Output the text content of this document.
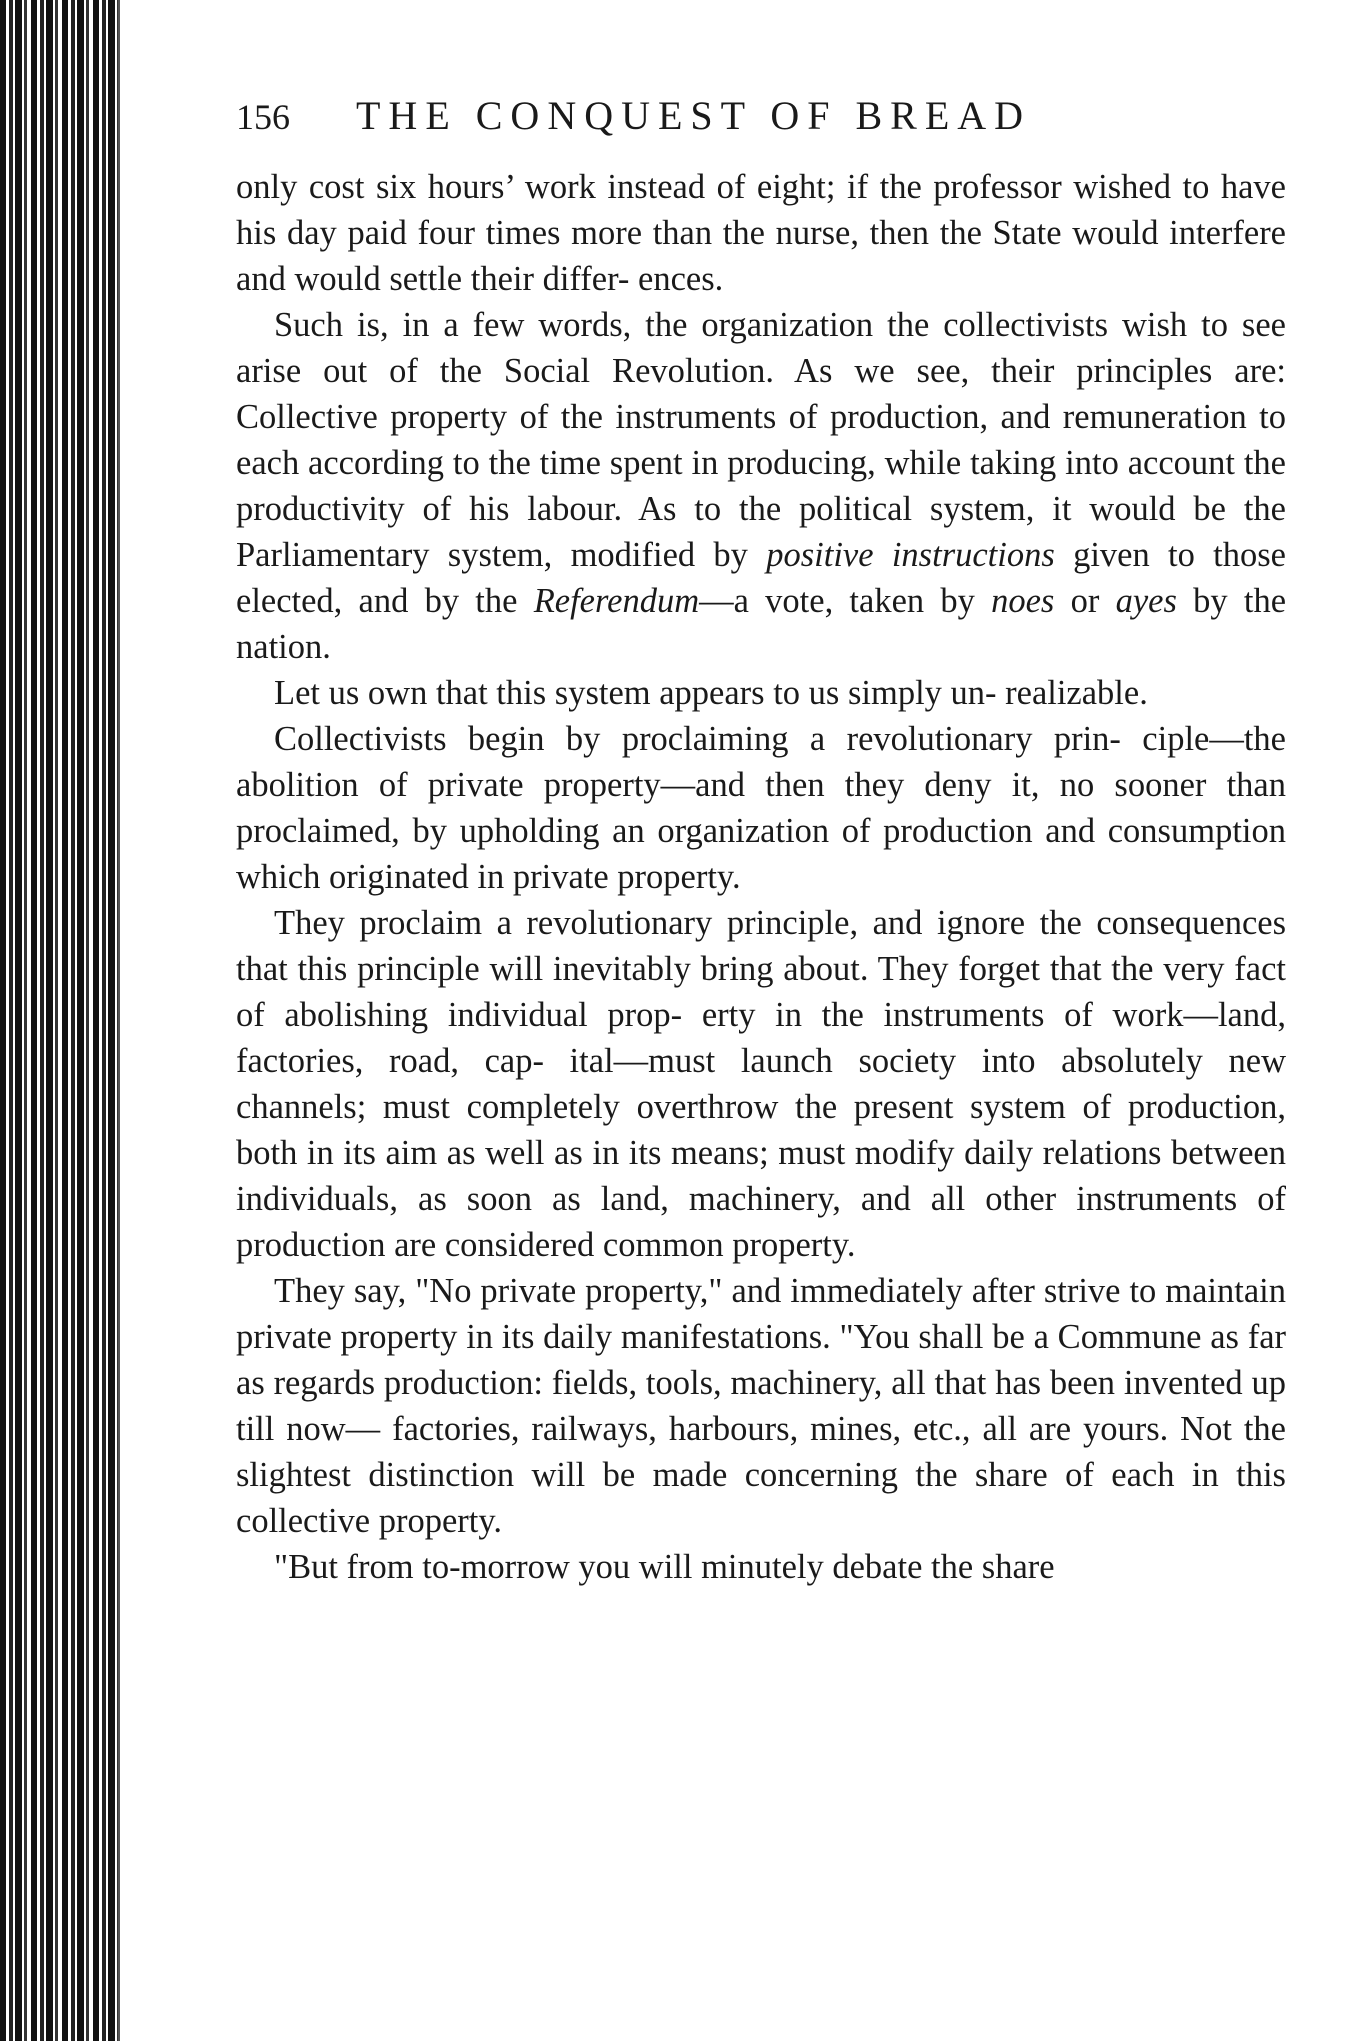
156	THE CONQUEST OF BREAD

only cost six hours’ work instead of eight; if the professor wished to have his day paid four times more than the nurse, then the State would interfere and would settle their differ- ences.

Such is, in a few words, the organization the collectivists wish to see arise out of the Social Revolution. As we see, their principles are: Collective property of the instruments of production, and remuneration to each according to the time spent in producing, while taking into account the productivity of his labour. As to the political system, it would be the Parliamentary system, modified by positive instructions given to those elected, and by the Referendum—a vote, taken by noes or ayes by the nation.

Let us own that this system appears to us simply un- realizable.

Collectivists begin by proclaiming a revolutionary prin- ciple—the abolition of private property—and then they deny it, no sooner than proclaimed, by upholding an organization of production and consumption which originated in private property.

They proclaim a revolutionary principle, and ignore the consequences that this principle will inevitably bring about. They forget that the very fact of abolishing individual prop- erty in the instruments of work—land, factories, road, cap- ital—must launch society into absolutely new channels; must completely overthrow the present system of production, both in its aim as well as in its means; must modify daily relations between individuals, as soon as land, machinery, and all other instruments of production are considered common property.

They say, "No private property," and immediately after strive to maintain private property in its daily manifestations. "You shall be a Commune as far as regards production: fields, tools, machinery, all that has been invented up till now— factories, railways, harbours, mines, etc., all are yours. Not the slightest distinction will be made concerning the share of each in this collective property.

"But from to-morrow you will minutely debate the share
